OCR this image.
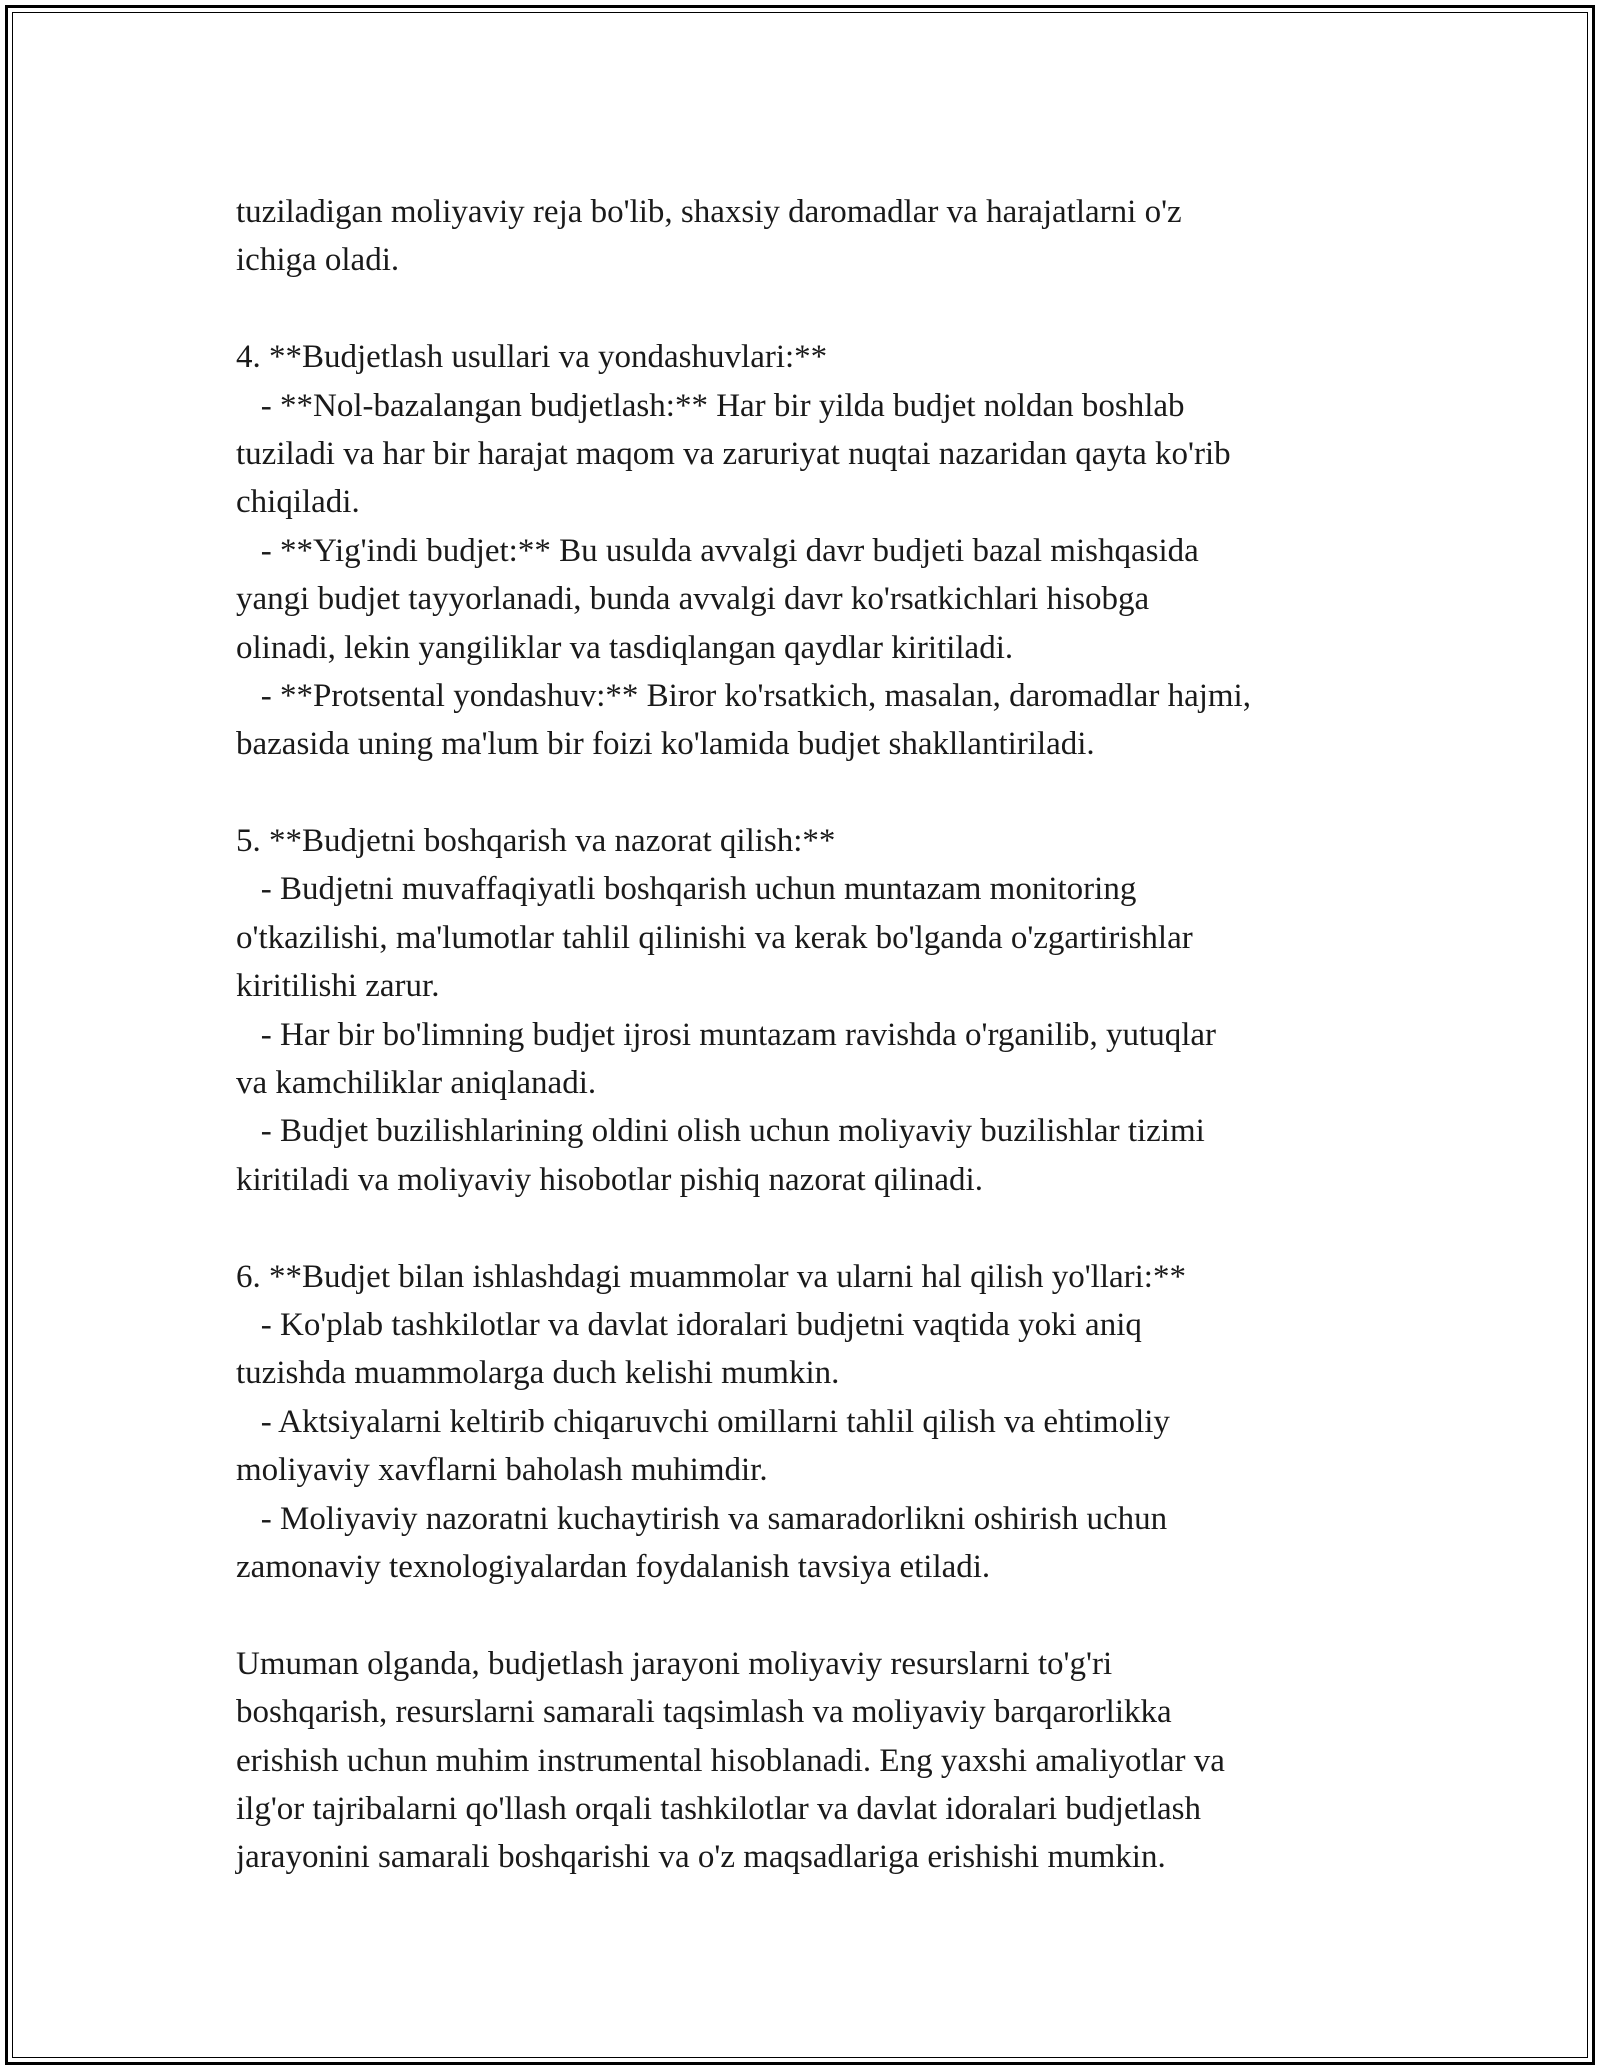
tuziladigan moliyaviy reja bo'lib, shaxsiy daromadlar va harajatlarni o'z
ichiga oladi.
4. **Budjetlash usullari va yondashuvlari:**
- **Nol-bazalangan budjetlash:** Har bir yilda budjet noldan boshlab
tuziladi va har bir harajat maqom va zaruriyat nuqtai nazaridan qayta ko'rib
chiqiladi.
- **Yig'indi budjet:** Bu usulda avvalgi davr budjeti bazal mishqasida
yangi budjet tayyorlanadi, bunda avvalgi davr ko'rsatkichlari hisobga
olinadi, lekin yangiliklar va tasdiqlangan qaydlar kiritiladi.
- **Protsental yondashuv:** Biror ko'rsatkich, masalan, daromadlar hajmi,
bazasida uning ma'lum bir foizi ko'lamida budjet shakllantiriladi.
5. **Budjetni boshqarish va nazorat qilish:**
- Budjetni muvaffaqiyatli boshqarish uchun muntazam monitoring
o'tkazilishi, ma'lumotlar tahlil qilinishi va kerak bo'lganda o'zgartirishlar
kiritilishi zarur.
- Har bir bo'limning budjet ijrosi muntazam ravishda o'rganilib, yutuqlar
va kamchiliklar aniqlanadi.
- Budjet buzilishlarining oldini olish uchun moliyaviy buzilishlar tizimi
kiritiladi va moliyaviy hisobotlar pishiq nazorat qilinadi.
6. **Budjet bilan ishlashdagi muammolar va ularni hal qilish yo'llari:**
- Ko'plab tashkilotlar va davlat idoralari budjetni vaqtida yoki aniq
tuzishda muammolarga duch kelishi mumkin.
- Aktsiyalarni keltirib chiqaruvchi omillarni tahlil qilish va ehtimoliy
moliyaviy xavflarni baholash muhimdir.
- Moliyaviy nazoratni kuchaytirish va samaradorlikni oshirish uchun
zamonaviy texnologiyalardan foydalanish tavsiya etiladi.
Umuman olganda, budjetlash jarayoni moliyaviy resurslarni to'g'ri
boshqarish, resurslarni samarali taqsimlash va moliyaviy barqarorlikka
erishish uchun muhim instrumental hisoblanadi. Eng yaxshi amaliyotlar va
ilg'or tajribalarni qo'llash orqali tashkilotlar va davlat idoralari budjetlash
jarayonini samarali boshqarishi va o'z maqsadlariga erishishi mumkin.
